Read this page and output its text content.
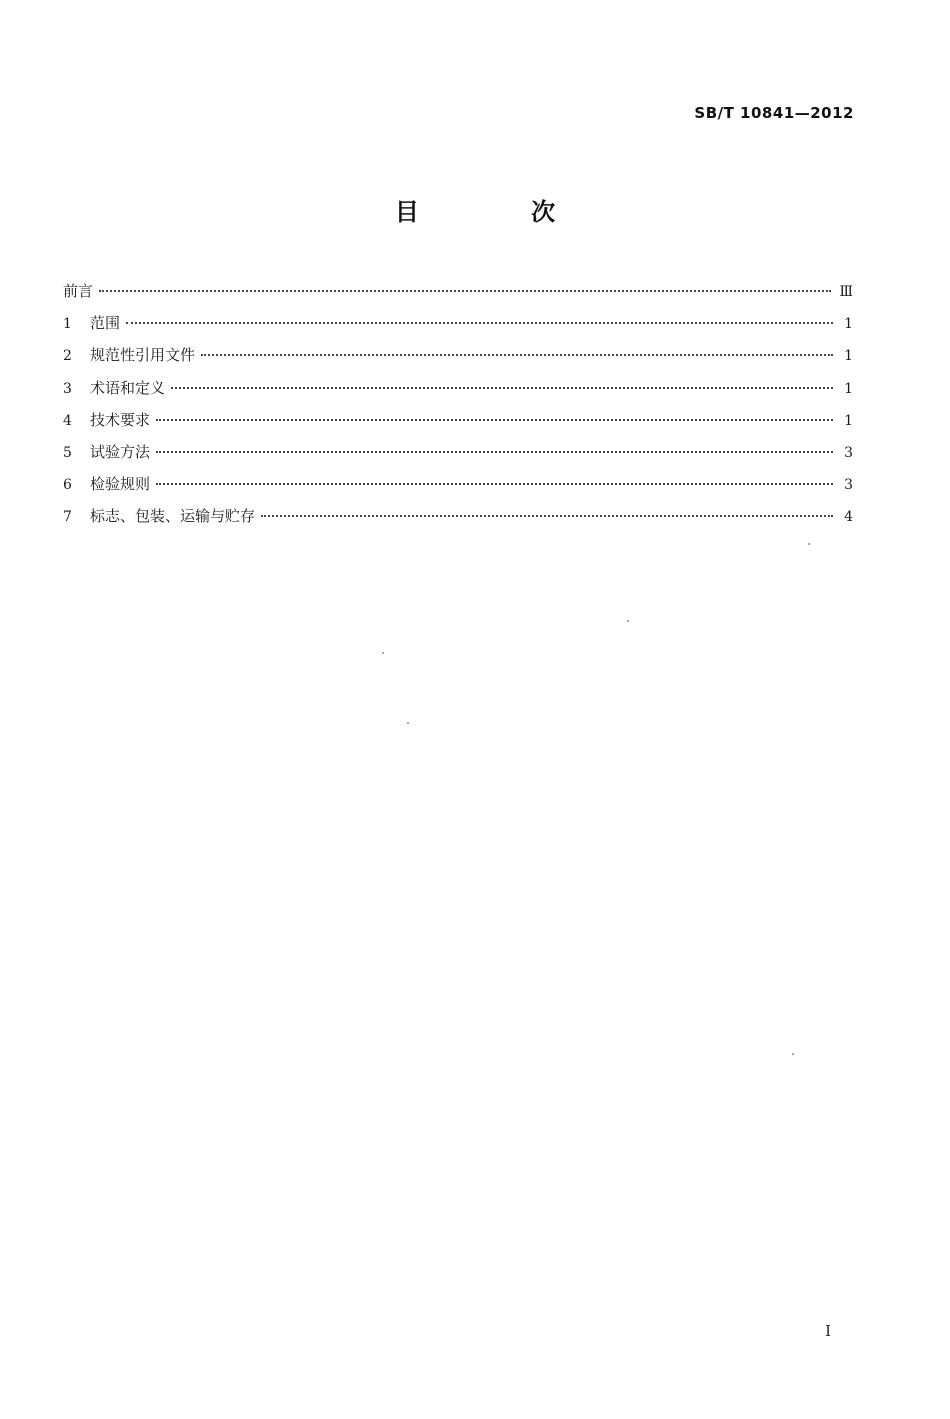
SB/T 10841—2012
目 次
前言	Ⅲ
1	范围	1
2	规范性引用文件	1
3	术语和定义	1
4	技术要求	1
5	试验方法	3
6	检验规则	3
7	标志、包装、运输与贮存	4
I
